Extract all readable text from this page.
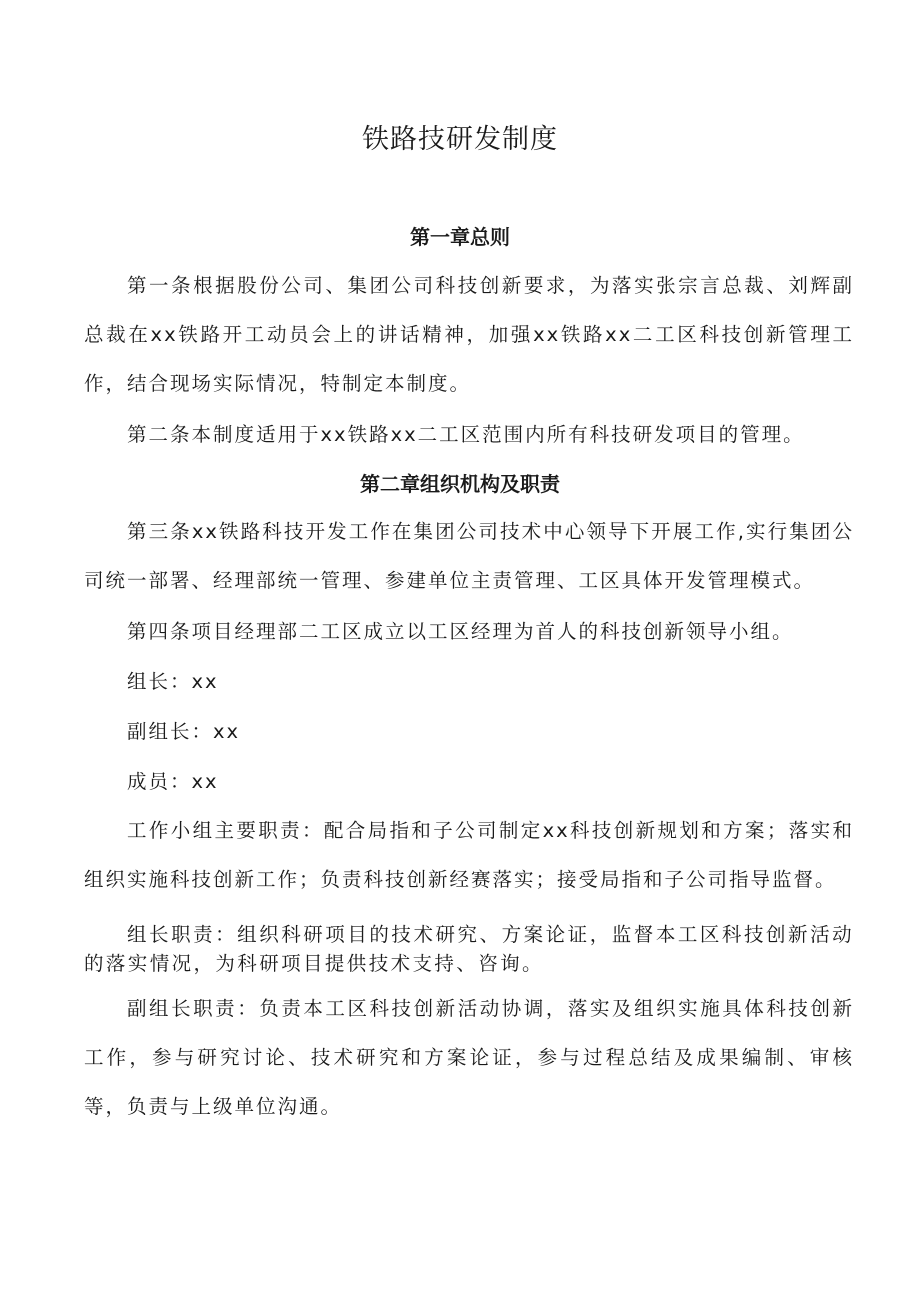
铁路技研发制度
第一章总则

第一条根据股份公司、集团公司科技创新要求，为落实张宗言总裁、刘辉副总裁在xx铁路开工动员会上的讲话精神，加强xx铁路xx二工区科技创新管理工作，结合现场实际情况，特制定本制度。

第二条本制度适用于xx铁路xx二工区范围内所有科技研发项目的管理。

第二章组织机构及职责

第三条xx铁路科技开发工作在集团公司技术中心领导下开展工作,实行集团公司统一部署、经理部统一管理、参建单位主责管理、工区具体开发管理模式。

第四条项目经理部二工区成立以工区经理为首人的科技创新领导小组。

组长：xx

副组长：xx

成员：xx

工作小组主要职责：配合局指和子公司制定xx科技创新规划和方案；落实和组织实施科技创新工作；负责科技创新经赛落实；接受局指和子公司指导监督。

组长职责：组织科研项目的技术研究、方案论证，监督本工区科技创新活动的落实情况，为科研项目提供技术支持、咨询。

副组长职责：负责本工区科技创新活动协调，落实及组织实施具体科技创新工作，参与研究讨论、技术研究和方案论证，参与过程总结及成果编制、审核等，负责与上级单位沟通。
